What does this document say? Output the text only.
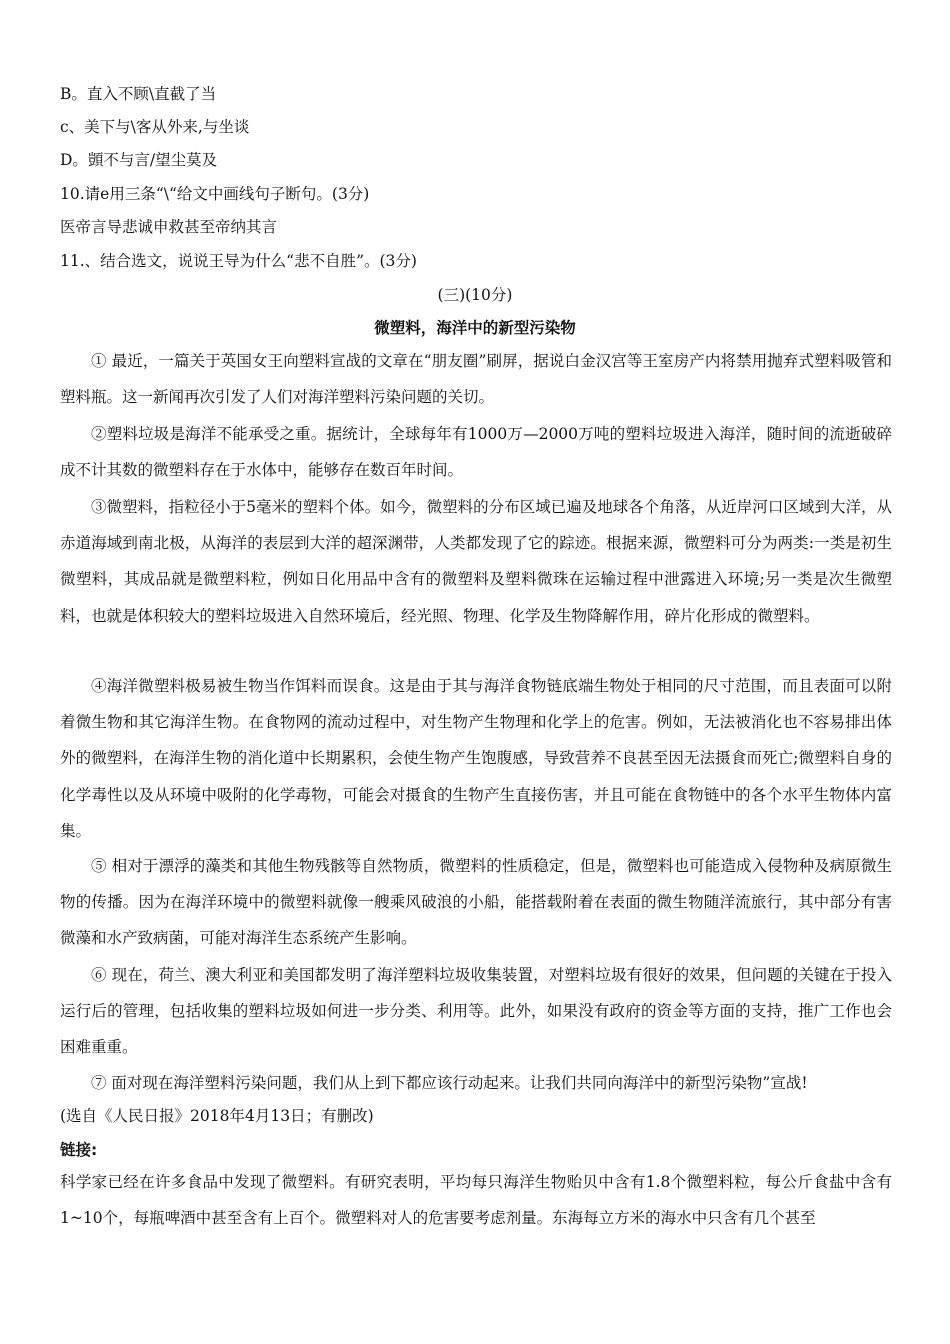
B。直入不顾\直截了当
c、美下与\客从外来,与坐谈
D。顗不与言/望尘莫及
10.请e用三条“\“给文中画线句子断句。(3分)
医帝言导悲诚申救甚至帝纳其言
11.、结合选文，说说王导为什么“悲不自胜”。(3分)
(三)(10分)
微塑料，海洋中的新型污染物

① 最近，一篇关于英国女王向塑料宣战的文章在“朋友圈”刷屏，据说白金汉宫等王室房产内将禁用抛弃式塑料吸管和塑料瓶。这一新闻再次引发了人们对海洋塑料污染问题的关切。

②塑料垃圾是海洋不能承受之重。据统计，全球每年有1000万—2000万吨的塑料垃圾进入海洋，随时间的流逝破碎成不计其数的微塑料存在于水体中，能够存在数百年时间。

③微塑料，指粒径小于5毫米的塑料个体。如今，微塑料的分布区域已遍及地球各个角落，从近岸河口区域到大洋，从赤道海域到南北极，从海洋的表层到大洋的超深渊带，人类都发现了它的踪迹。根据来源，微塑料可分为两类:一类是初生微塑料，其成品就是微塑料粒，例如日化用品中含有的微塑料及塑料微珠在运输过程中泄露进入环境;另一类是次生微塑料，也就是体积较大的塑料垃圾进入自然环境后，经光照、物理、化学及生物降解作用，碎片化形成的微塑料。

④海洋微塑料极易被生物当作饵料而误食。这是由于其与海洋食物链底端生物处于相同的尺寸范围，而且表面可以附着微生物和其它海洋生物。在食物网的流动过程中，对生物产生物理和化学上的危害。例如，无法被消化也不容易排出体外的微塑料，在海洋生物的消化道中长期累积，会使生物产生饱腹感，导致营养不良甚至因无法摄食而死亡;微塑料自身的化学毒性以及从环境中吸附的化学毒物，可能会对摄食的生物产生直接伤害，并且可能在食物链中的各个水平生物体内富集。

⑤ 相对于漂浮的藻类和其他生物残骸等自然物质，微塑料的性质稳定，但是，微塑料也可能造成入侵物种及病原微生物的传播。因为在海洋环境中的微塑料就像一艘乘风破浪的小船，能搭载附着在表面的微生物随洋流旅行，其中部分有害微藻和水产致病菌，可能对海洋生态系统产生影响。

⑥ 现在，荷兰、澳大利亚和美国都发明了海洋塑料垃圾收集装置，对塑料垃圾有很好的效果，但问题的关键在于投入运行后的管理，包括收集的塑料垃圾如何进一步分类、利用等。此外，如果没有政府的资金等方面的支持，推广工作也会困难重重。

⑦ 面对现在海洋塑料污染问题，我们从上到下都应该行动起来。让我们共同向海洋中的新型污染物”宣战!

(选自《人民日报》2018年4月13日；有删改)
链接:

科学家已经在许多食品中发现了微塑料。有研究表明，平均每只海洋生物贻贝中含有1.8个微塑料粒，每公斤食盐中含有1~10个，每瓶啤酒中甚至含有上百个。微塑料对人的危害要考虑剂量。东海每立方米的海水中只含有几个甚至
